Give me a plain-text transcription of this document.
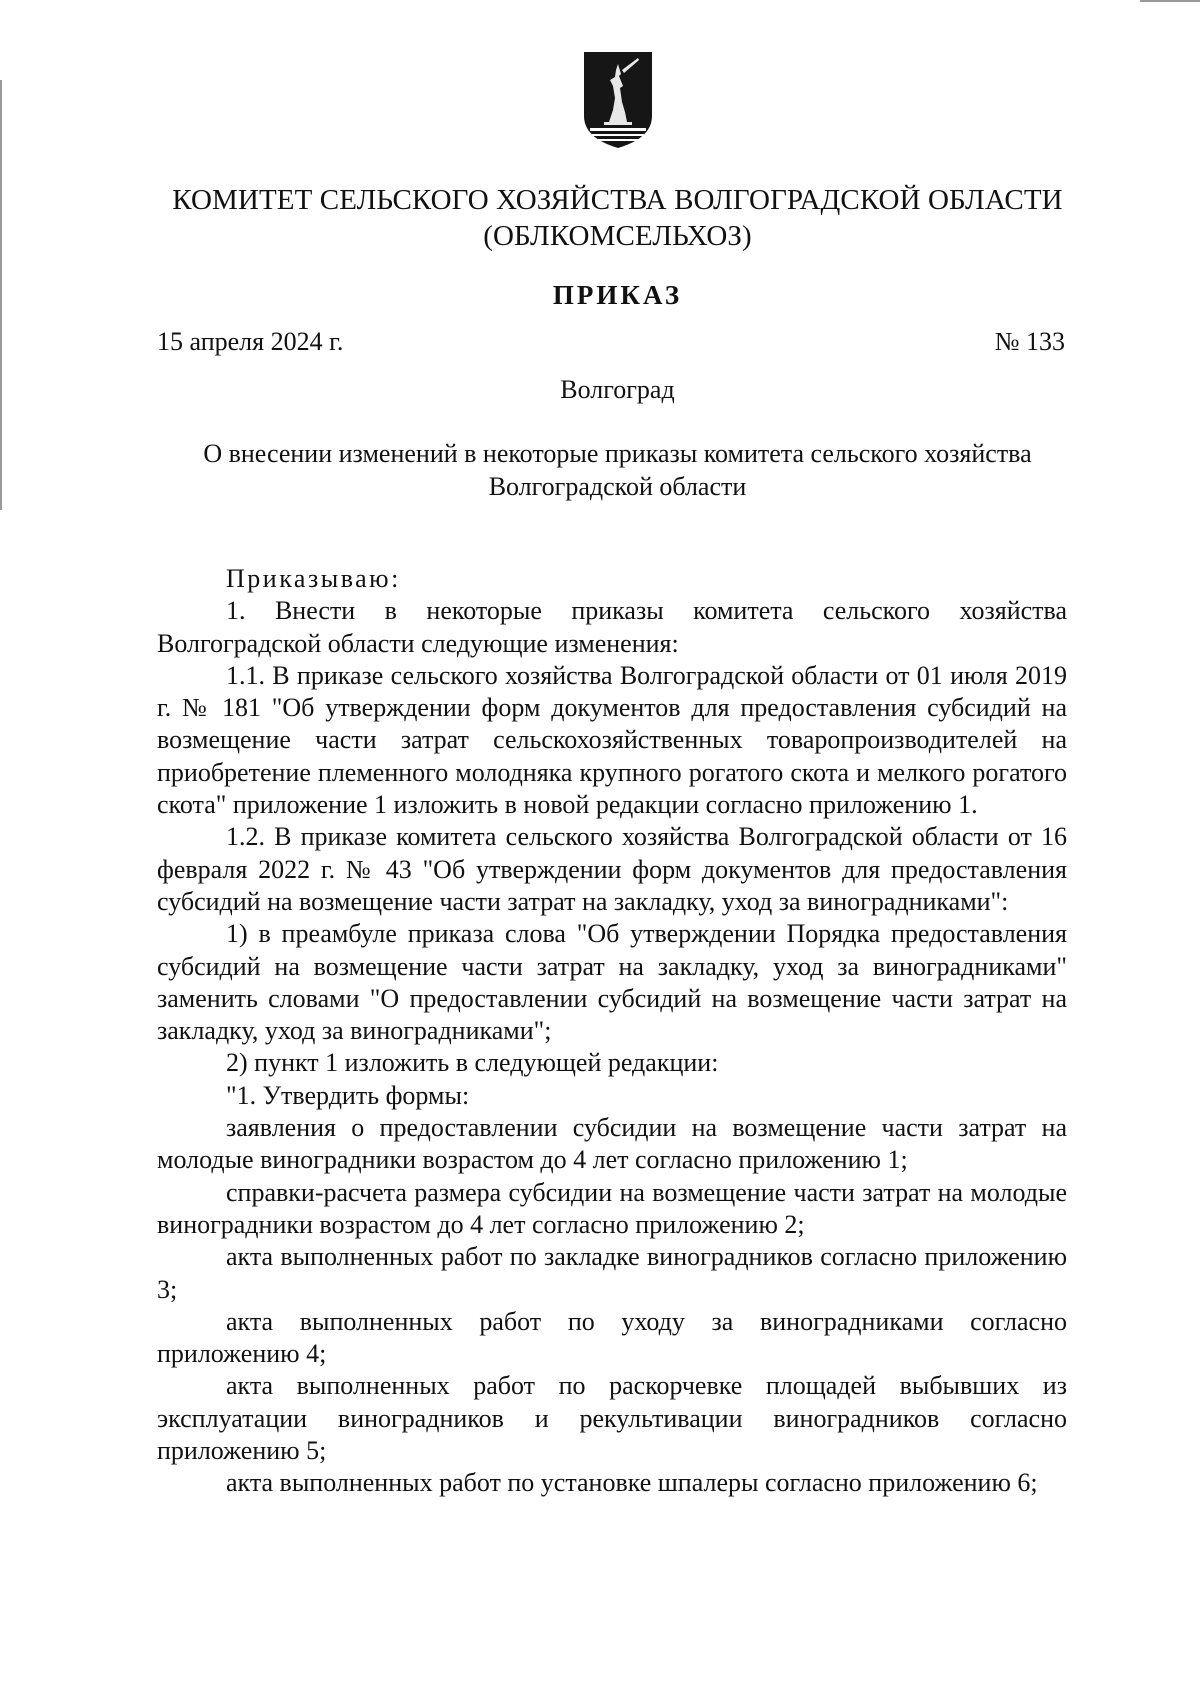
КОМИТЕТ СЕЛЬСКОГО ХОЗЯЙСТВА ВОЛГОГРАДСКОЙ ОБЛАСТИ
(ОБЛКОМСЕЛЬХОЗ)
ПРИКАЗ
15 апреля 2024 г.	№ 133
Волгоград
О внесении изменений в некоторые приказы комитета сельского хозяйства
Волгоградской области

Приказываю:

1. Внести в некоторые приказы комитета сельского хозяйства Волгоградской области следующие изменения:

1.1. В приказе сельского хозяйства Волгоградской области от 01 июля 2019 г. № 181 "Об утверждении форм документов для предоставления субсидий на возмещение части затрат сельскохозяйственных товаропроизводителей на приобретение племенного молодняка крупного рогатого скота и мелкого рогатого скота" приложение 1 изложить в новой редакции согласно приложению 1.

1.2. В приказе комитета сельского хозяйства Волгоградской области от 16 февраля 2022 г. № 43 "Об утверждении форм документов для предоставления субсидий на возмещение части затрат на закладку, уход за виноградниками":

1) в преамбуле приказа слова "Об утверждении Порядка предоставления субсидий на возмещение части затрат на закладку, уход за виноградниками" заменить словами "О предоставлении субсидий на возмещение части затрат на закладку, уход за виноградниками";

2) пункт 1 изложить в следующей редакции:

"1. Утвердить формы:

заявления о предоставлении субсидии на возмещение части затрат на молодые виноградники возрастом до 4 лет согласно приложению 1;

справки-расчета размера субсидии на возмещение части затрат на молодые виноградники возрастом до 4 лет согласно приложению 2;

акта выполненных работ по закладке виноградников согласно приложению 3;

акта выполненных работ по уходу за виноградниками согласно приложению 4;

акта выполненных работ по раскорчевке площадей выбывших из эксплуатации виноградников и рекультивации виноградников согласно приложению 5;

акта выполненных работ по установке шпалеры согласно приложению 6;
